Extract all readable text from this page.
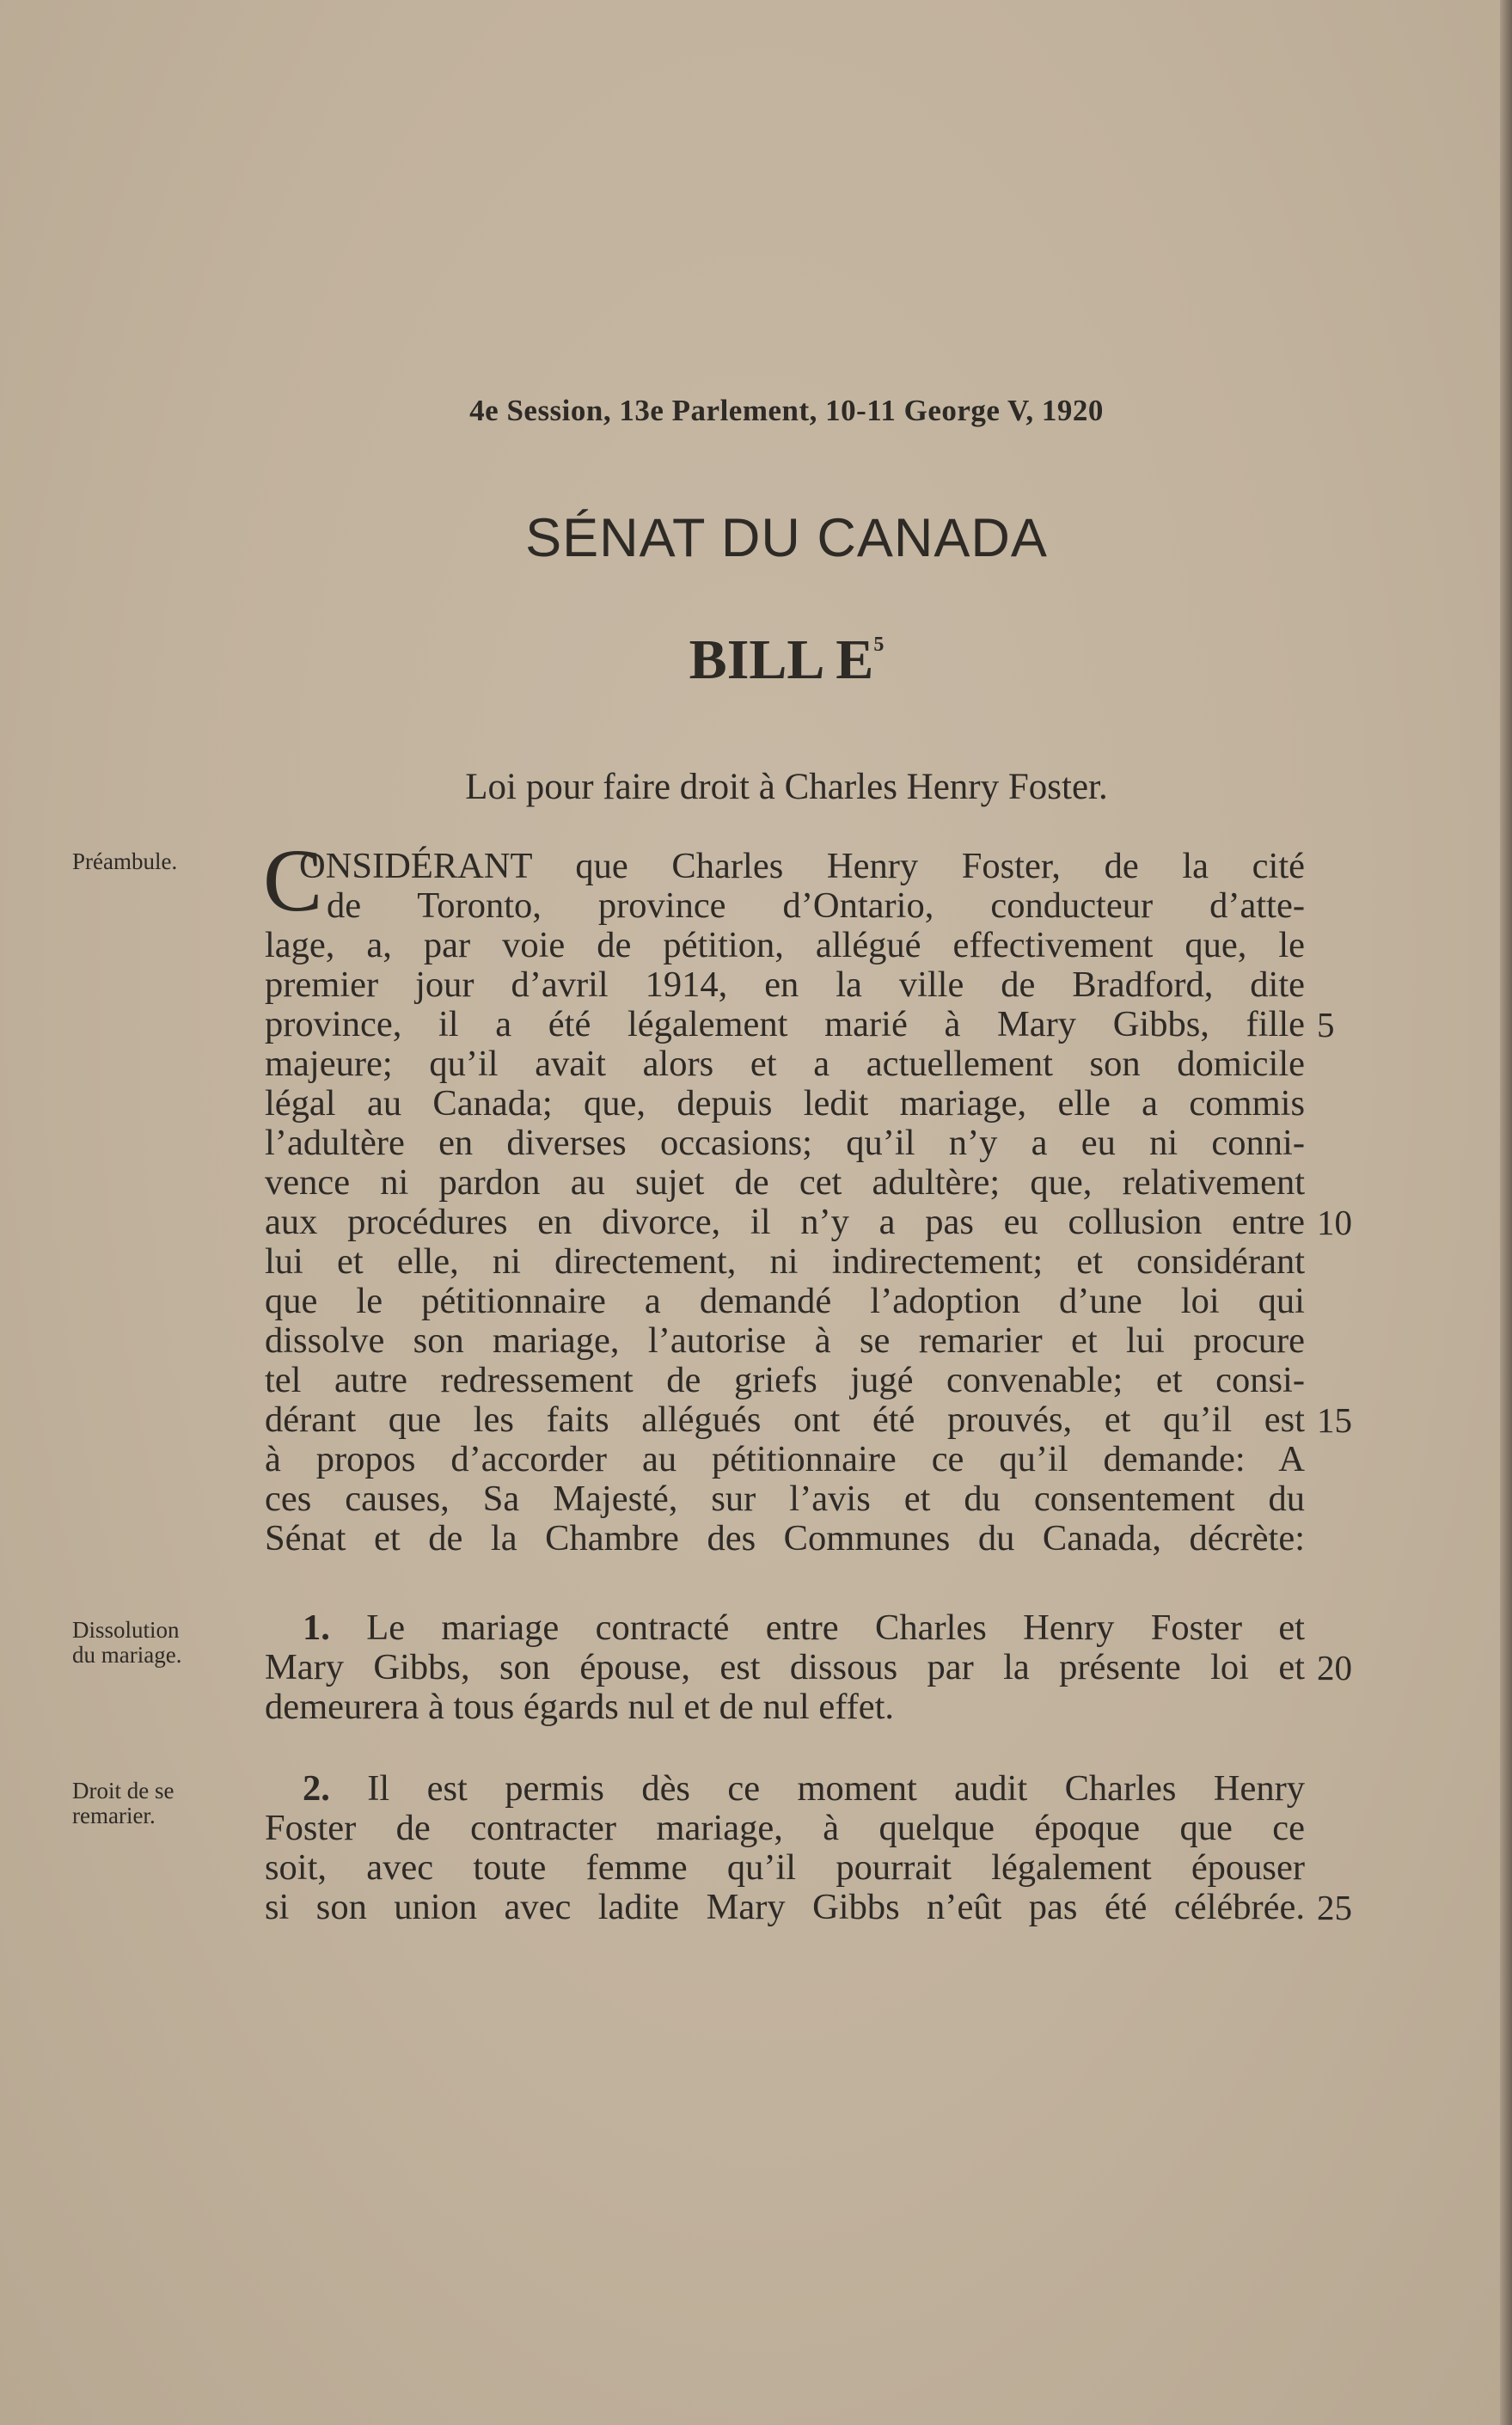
4e Session, 13e Parlement, 10-11 George V, 1920
SÉNAT DU CANADA
BILL $E^5$
Loi pour faire droit à Charles Henry Foster.
Préambule.
Dissolution
du mariage.
Droit de se
remarier.
C
ONSIDÉRANT que Charles Henry Foster, de la cité
de Toronto, province d’Ontario, conducteur d’atte-
lage, a, par voie de pétition, allégué effectivement que, le
premier jour d’avril 1914, en la ville de Bradford, dite
province, il a été légalement marié à Mary Gibbs, fille
majeure; qu’il avait alors et a actuellement son domicile
légal au Canada; que, depuis ledit mariage, elle a commis
l’adultère en diverses occasions; qu’il n’y a eu ni conni-
vence ni pardon au sujet de cet adultère; que, relativement
aux procédures en divorce, il n’y a pas eu collusion entre
lui et elle, ni directement, ni indirectement; et considérant
que le pétitionnaire a demandé l’adoption d’une loi qui
dissolve son mariage, l’autorise à se remarier et lui procure
tel autre redressement de griefs jugé convenable; et consi-
dérant que les faits allégués ont été prouvés, et qu’il est
à propos d’accorder au pétitionnaire ce qu’il demande: A
ces causes, Sa Majesté, sur l’avis et du consentement du
Sénat et de la Chambre des Communes du Canada, décrète:
1. Le mariage contracté entre Charles Henry Foster et
Mary Gibbs, son épouse, est dissous par la présente loi et
demeurera à tous égards nul et de nul effet.
2. Il est permis dès ce moment audit Charles Henry
Foster de contracter mariage, à quelque époque que ce
soit, avec toute femme qu’il pourrait légalement épouser
si son union avec ladite Mary Gibbs n’eût pas été célébrée.
5
10
15
20
25
